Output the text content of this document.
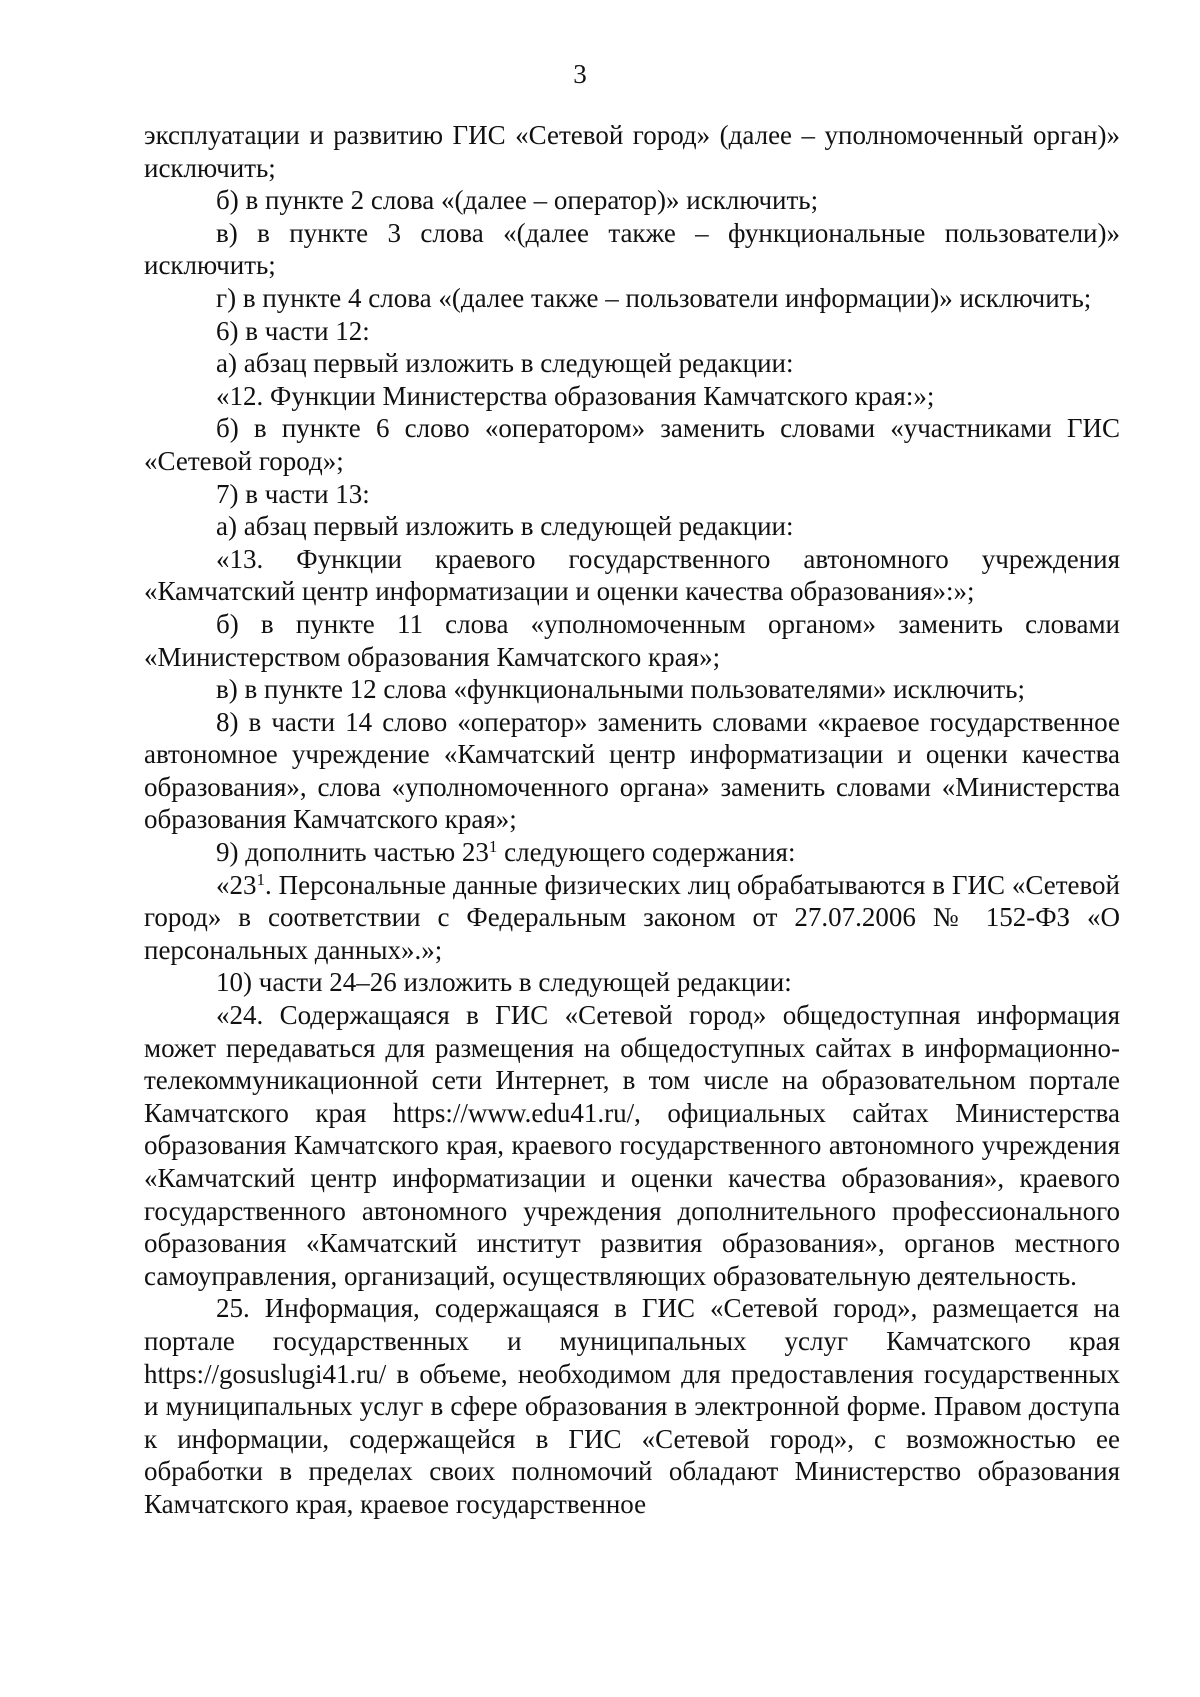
3

эксплуатации и развитию ГИС «Сетевой город» (далее – уполномоченный орган)» исключить;

б) в пункте 2 слова «(далее – оператор)» исключить;

в) в пункте 3 слова «(далее также – функциональные пользователи)» исключить;

г) в пункте 4 слова «(далее также – пользователи информации)» исключить;

6) в части 12:

а) абзац первый изложить в следующей редакции:

«12. Функции Министерства образования Камчатского края:»;

б) в пункте 6 слово «оператором» заменить словами «участниками ГИС «Сетевой город»;

7) в части 13:

а) абзац первый изложить в следующей редакции:

«13. Функции краевого государственного автономного учреждения «Камчатский центр информатизации и оценки качества образования»:»;

б) в пункте 11 слова «уполномоченным органом» заменить словами «Министерством образования Камчатского края»;

в) в пункте 12 слова «функциональными пользователями» исключить;

8) в части 14 слово «оператор» заменить словами «краевое государственное автономное учреждение «Камчатский центр информатизации и оценки качества образования», слова «уполномоченного органа» заменить словами «Министерства образования Камчатского края»;

9) дополнить частью $23^1$ следующего содержания:

«$23^1$. Персональные данные физических лиц обрабатываются в ГИС «Сетевой город» в соответствии с Федеральным законом от 27.07.2006 № 152-ФЗ «О персональных данных».»;

10) части 24–26 изложить в следующей редакции:

«24. Содержащаяся в ГИС «Сетевой город» общедоступная информация может передаваться для размещения на общедоступных сайтах в информационно-телекоммуникационной сети Интернет, в том числе на образовательном портале Камчатского края https://www.edu41.ru/, официальных сайтах Министерства образования Камчатского края, краевого государственного автономного учреждения «Камчатский центр информатизации и оценки качества образования», краевого государственного автономного учреждения дополнительного профессионального образования «Камчатский институт развития образования», органов местного самоуправления, организаций, осуществляющих образовательную деятельность.

25. Информация, содержащаяся в ГИС «Сетевой город», размещается на портале государственных и муниципальных услуг Камчатского края https://gosuslugi41.ru/ в объеме, необходимом для предоставления государственных и муниципальных услуг в сфере образования в электронной форме. Правом доступа к информации, содержащейся в ГИС «Сетевой город», с возможностью ее обработки в пределах своих полномочий обладают Министерство образования Камчатского края, краевое государственное
